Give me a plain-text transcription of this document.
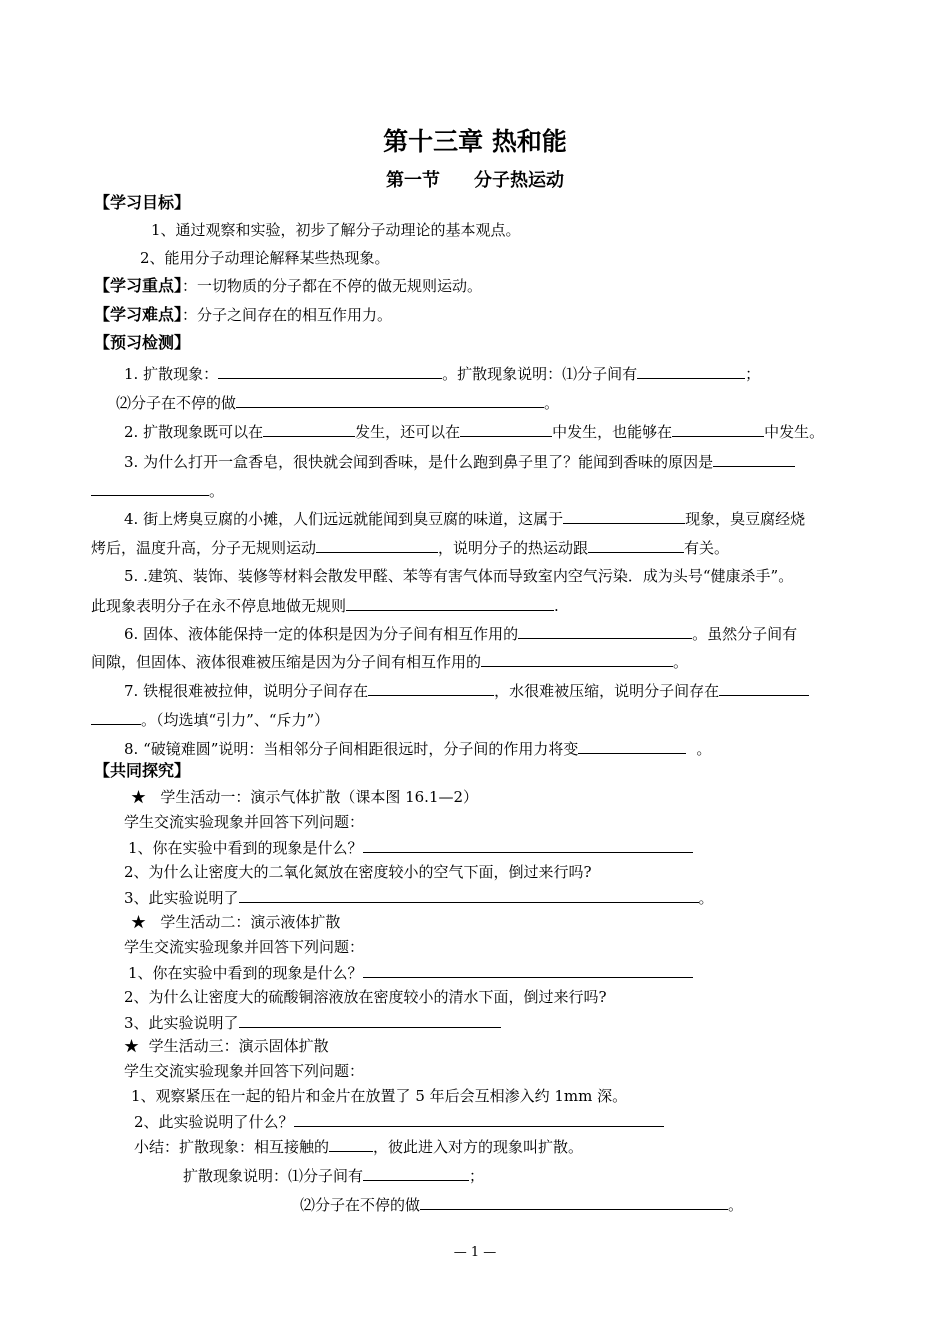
第十三章 热和能
第一节 分子热运动
【学习目标】
1、通过观察和实验，初步了解分子动理论的基本观点。
2、能用分子动理论解释某些热现象。
【学习重点】：一切物质的分子都在不停的做无规则运动。
【学习难点】：分子之间存在的相互作用力。
【预习检测】
1. 扩散现象：	。扩散现象说明：⑴分子间有	；
⑵分子在不停的做	。
2. 扩散现象既可以在	发生，还可以在	中发生，也能够在	中发生。
3. 为什么打开一盒香皂，很快就会闻到香味，是什么跑到鼻子里了？能闻到香味的原因是
。
4. 街上烤臭豆腐的小摊，人们远远就能闻到臭豆腐的味道，这属于	现象，臭豆腐经烧
烤后，温度升高，分子无规则运动	，说明分子的热运动跟	有关。
5. .建筑、装饰、装修等材料会散发甲醛、苯等有害气体而导致室内空气污染．成为头号“健康杀手”。
此现象表明分子在永不停息地做无规则	.
6. 固体、液体能保持一定的体积是因为分子间有相互作用的	。虽然分子间有
间隙，但固体、液体很难被压缩是因为分子间有相互作用的	。
7. 铁棍很难被拉伸，说明分子间存在	，水很难被压缩，说明分子间存在
。（均选填“引力”、“斥力”）
8. “破镜难圆”说明：当相邻分子间相距很远时，分子间的作用力将变	。
【共同探究】
★ 学生活动一：演示气体扩散（课本图 16.1—2）
学生交流实验现象并回答下列问题：
1、你在实验中看到的现象是什么？
2、为什么让密度大的二氧化氮放在密度较小的空气下面，倒过来行吗?
3、此实验说明了	。
★ 学生活动二：演示液体扩散
学生交流实验现象并回答下列问题：
1、你在实验中看到的现象是什么？
2、为什么让密度大的硫酸铜溶液放在密度较小的清水下面，倒过来行吗?
3、此实验说明了
★ 学生活动三：演示固体扩散
学生交流实验现象并回答下列问题：
1、观察紧压在一起的铅片和金片在放置了 5 年后会互相渗入约 1mm 深。
2、此实验说明了什么？
小结：扩散现象：相互接触的	，彼此进入对方的现象叫扩散。
扩散现象说明：⑴分子间有	；
⑵分子在不停的做	。
— 1 —
